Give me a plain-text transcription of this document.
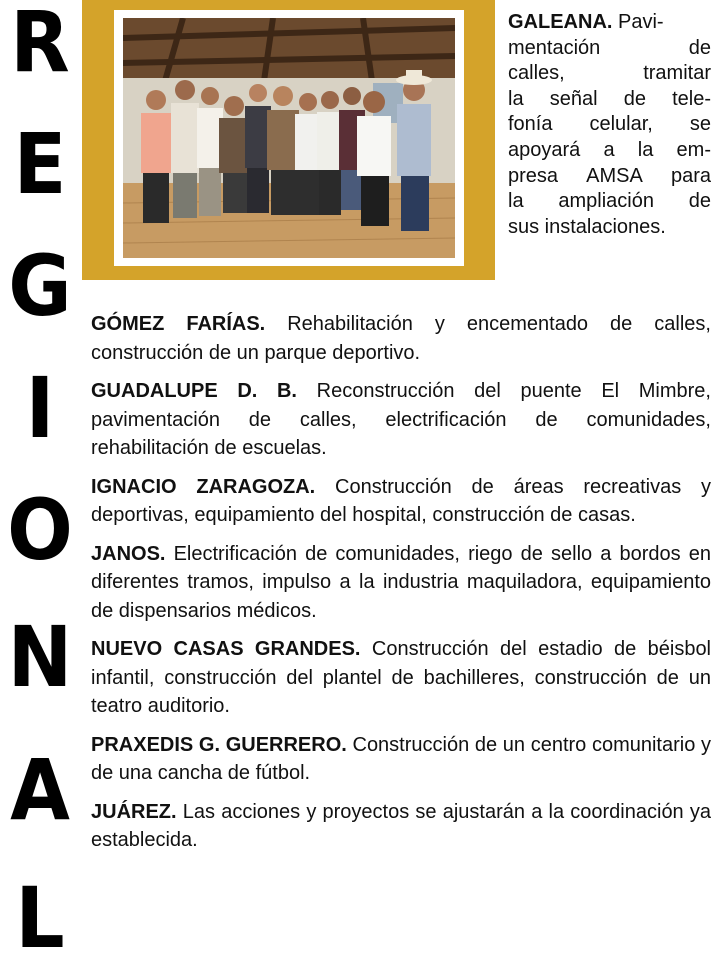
R
E
G
I
O
N
A
L
GALEANA. Pavi-
mentación de
calles, tramitar
la señal de tele-
fonía celular, se
apoyará a la em-
presa AMSA para
la ampliación de
sus instalaciones.

GÓMEZ FARÍAS. Rehabilitación y encementado de calles, construcción de un parque deportivo.

GUADALUPE D. B. Reconstrucción del puente El Mimbre, pavimentación de calles, electrificación de comunidades, rehabilitación de escuelas.

IGNACIO ZARAGOZA. Construcción de áreas recreativas y deportivas, equipamiento del hospital, construcción de casas.

JANOS. Electrificación de comunidades, riego de sello a bordos en diferentes tramos, impulso a la industria maquiladora, equipamiento de dispensarios médicos.

NUEVO CASAS GRANDES. Construcción del estadio de béisbol infantil, construcción del plantel de bachilleres, construcción de un teatro auditorio.

PRAXEDIS G. GUERRERO. Construcción de un centro comunitario y de una cancha de fútbol.

JUÁREZ. Las acciones y proyectos se ajustarán a la coordinación ya establecida.
